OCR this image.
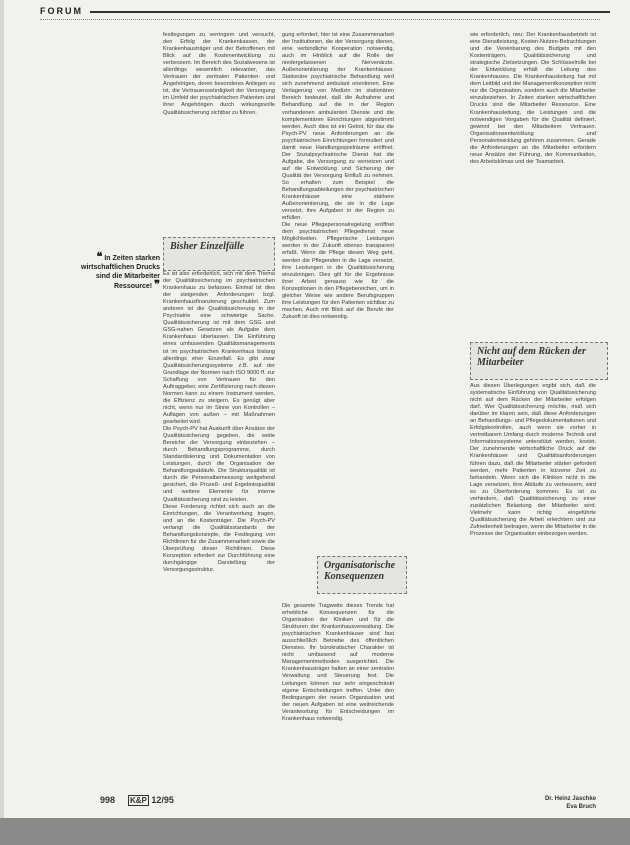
FORUM
❝ In Zeiten starken wirtschaftlichen Drucks sind die Mitarbeiter Ressource! ❞

festlegungen zu verringern und versucht, den Erfolg der Krankenkassen, der Krankenhausträger und der Betroffenen mit Blick auf die Kostenentwicklung zu verbessern. Im Bereich des Sozialwesens ist allerdings wesentlich relevanter, das Vertrauen der zentralen Patienten- und Angehörigen, deren besonderes Anliegen es ist, die Vertrauenswürdigkeit der Versorgung im Umfeld der psychiatrischen Patienten und ihrer Angehörigen durch wirkungsvolle Qualitätssicherung sichtbar zu führen.

Bisher Einzelfälle

Es ist also erforderlich, sich mit dem Thema der Qualitätssicherung im psychiatrischen Krankenhaus zu befassen. Einmal ist dies der steigenden Anforderungen bzgl. Krankenhausfinanzierung geschuldet. Zum anderen ist die Qualitätssicherung in der Psychiatrie eine schwierige Sache. Qualitätssicherung ist mit dem GSG und GSG-nahen Gesetzen als Aufgabe dem Krankenhaus überlassen. Die Einführung eines umfassenden Qualitätsmanagements ist im psychiatrischen Krankenhaus bislang allerdings eher Einzelfall. Es gibt zwar Qualitätssicherungssysteme z.B. auf der Grundlage der Normen nach ISO 9000 ff. zur Schaffung von Vertrauen für den Auftraggeber, eine Zertifizierung nach diesen Normen kann zu einem Instrument werden, die Effizienz zu steigern. Es genügt aber nicht, wenn nur im Sinne von Kontrollen – Auflagen von außen – mit Maßnahmen gearbeitet wird.
Die Psych-PV hat Auskunft über Ansätze der Qualitätssicherung gegeben, die weite Bereiche der Versorgung einbeziehen – durch Behandlungsprogramme, durch Standardisierung und Dokumentation von Leistungen, durch die Organisation der Behandlungsabläufe. Die Strukturqualität ist durch die Personalbemessung weitgehend gesichert, die Prozeß- und Ergebnisqualität und weitere Elemente für interne Qualitätssicherung sind zu leisten.
Diese Forderung richtet sich auch an die Einrichtungen, die Verantwortung tragen, und an die Kostenträger. Die Psych-PV verlangt die Qualitätsstandards der Behandlungskonzepte, die Festlegung von Richtlinien für die Zusammenarbeit sowie die Überprüfung dieser Richtlinien. Diese Konzeption erfordert zur Durchführung eine durchgängige Darstellung der Versorgungsstruktur.

gung erfordert, hier ist eine Zusammenarbeit der Institutionen, die der Versorgung dienen, eine verbindliche Kooperation notwendig, auch im Hinblick auf die Rolle der niedergelassenen Nervenärzte. Außenorientierung der Krankenhäuser. Stationäre psychiatrische Behandlung wird sich zunehmend ambulant orientieren. Eine Verlagerung von Medizin im stationären Bereich bedeutet, daß die Aufnahme und Behandlung auf die in der Region vorhandenen ambulanten Dienste und die komplementären Einrichtungen abgestimmt werden. Auch dies ist ein Gebot, für das die Psych-PV neue Anforderungen an die psychiatrischen Einrichtungen formuliert und damit neue Handlungsspielräume eröffnet. Der Sozialpsychiatrische Dienst hat die Aufgabe, die Versorgung zu vernetzen und auf die Entwicklung und Sicherung der Qualität der Versorgung Einfluß zu nehmen. So erhalten zum Beispiel die Behandlungsabteilungen der psychiatrischen Krankenhäuser eine stärkere Außenorientierung, die sie in die Lage versetzt, ihre Aufgaben in der Region zu erfüllen.
Die neue Pflegepersonalregelung eröffnet dem psychiatrischen Pflegedienst neue Möglichkeiten. Pflegerische Leistungen werden in der Zukunft ebenso transparent erfaßt. Wenn die Pflege diesen Weg geht, werden die Pflegenden in die Lage versetzt, ihre Leistungen in die Qualitätssicherung einzubringen. Dies gilt für die Ergebnisse ihrer Arbeit genauso wie für die Konzeptionen in den Pflegebereichen, um in gleicher Weise wie andere Berufsgruppen ihre Leistungen für den Patienten sichtbar zu machen. Auch mit Blick auf die Berufe der Zukunft ist dies notwendig.

Organisatorische Konsequenzen

Die gesamte Tragweite dieses Trends hat erhebliche Konsequenzen für die Organisation der Kliniken und für die Strukturen der Krankenhausverwaltung. Die psychiatrischen Krankenhäuser sind fast ausschließlich Betriebe des öffentlichen Dienstes. Ihr bürokratischer Charakter ist nicht umfassend auf moderne Managementmethoden ausgerichtet. Die Krankenhausträger halten an einer zentralen Verwaltung und Steuerung fest. Die Leitungen können nur sehr eingeschränkt eigene Entscheidungen treffen. Unter den Bedingungen der neuen Organisation und der neuen Aufgaben ist eine weitreichende Verantwortung für Entscheidungen im Krankenhaus notwendig.

wie erforderlich, neu: Der Krankenhausbetrieb ist eine Dienstleistung, Kosten-Nutzen-Betrachtungen und die Vereinbarung des Budgets mit den Kostenträgern, Qualitätssicherung und strategische Zielsetzungen. Die Schlüsselrolle bei der Entwicklung erhält die Leitung des Krankenhauses. Die Krankenhausleitung hat mit dem Leitbild und der Managementkonzeption nicht nur die Organisation, sondern auch die Mitarbeiter einzubeziehen. In Zeiten starken wirtschaftlichen Drucks sind die Mitarbeiter Ressource. Eine Krankenhausleitung, die Leistungen und die notwendigen Vorgaben für die Qualität definiert, gewinnt bei den Mitarbeitern Vertrauen. Organisationsentwicklung und Personalentwicklung gehören zusammen. Gerade die Anforderungen an die Mitarbeiter erfordern neue Ansätze der Führung, der Kommunikation, des Arbeitsklimas und der Teamarbeit.

Nicht auf dem Rücken der Mitarbeiter

Aus diesen Überlegungen ergibt sich, daß die systematische Einführung von Qualitätssicherung nicht auf dem Rücken der Mitarbeiter erfolgen darf. Wer Qualitätssicherung möchte, muß sich darüber im klaren sein, daß diese Anforderungen an Behandlungs- und Pflegedokumentationen und Erfolgskontrollen, auch wenn sie vorher in vertretbarem Umfang durch moderne Technik und Informationssysteme unterstützt werden, kostet. Der zunehmende wirtschaftliche Druck auf die Krankenhäuser und Qualitätsanforderungen führen dazu, daß die Mitarbeiter stärker gefordert werden, mehr Patienten in kürzerer Zeit zu behandeln. Wenn sich die Kliniken nicht in die Lage versetzen, ihre Abläufe zu verbessern, wird es zu Überforderung kommen. Es ist zu verhindern, daß Qualitätssicherung zu einer zusätzlichen Belastung der Mitarbeiter wird. Vielmehr kann richtig eingeführte Qualitätssicherung die Arbeit erleichtern und zur Zufriedenheit beitragen, wenn die Mitarbeiter in die Prozesse der Organisation einbezogen werden.

Dr. Heinz Jaschke
Eva Bruch
998 K&P 12/95
